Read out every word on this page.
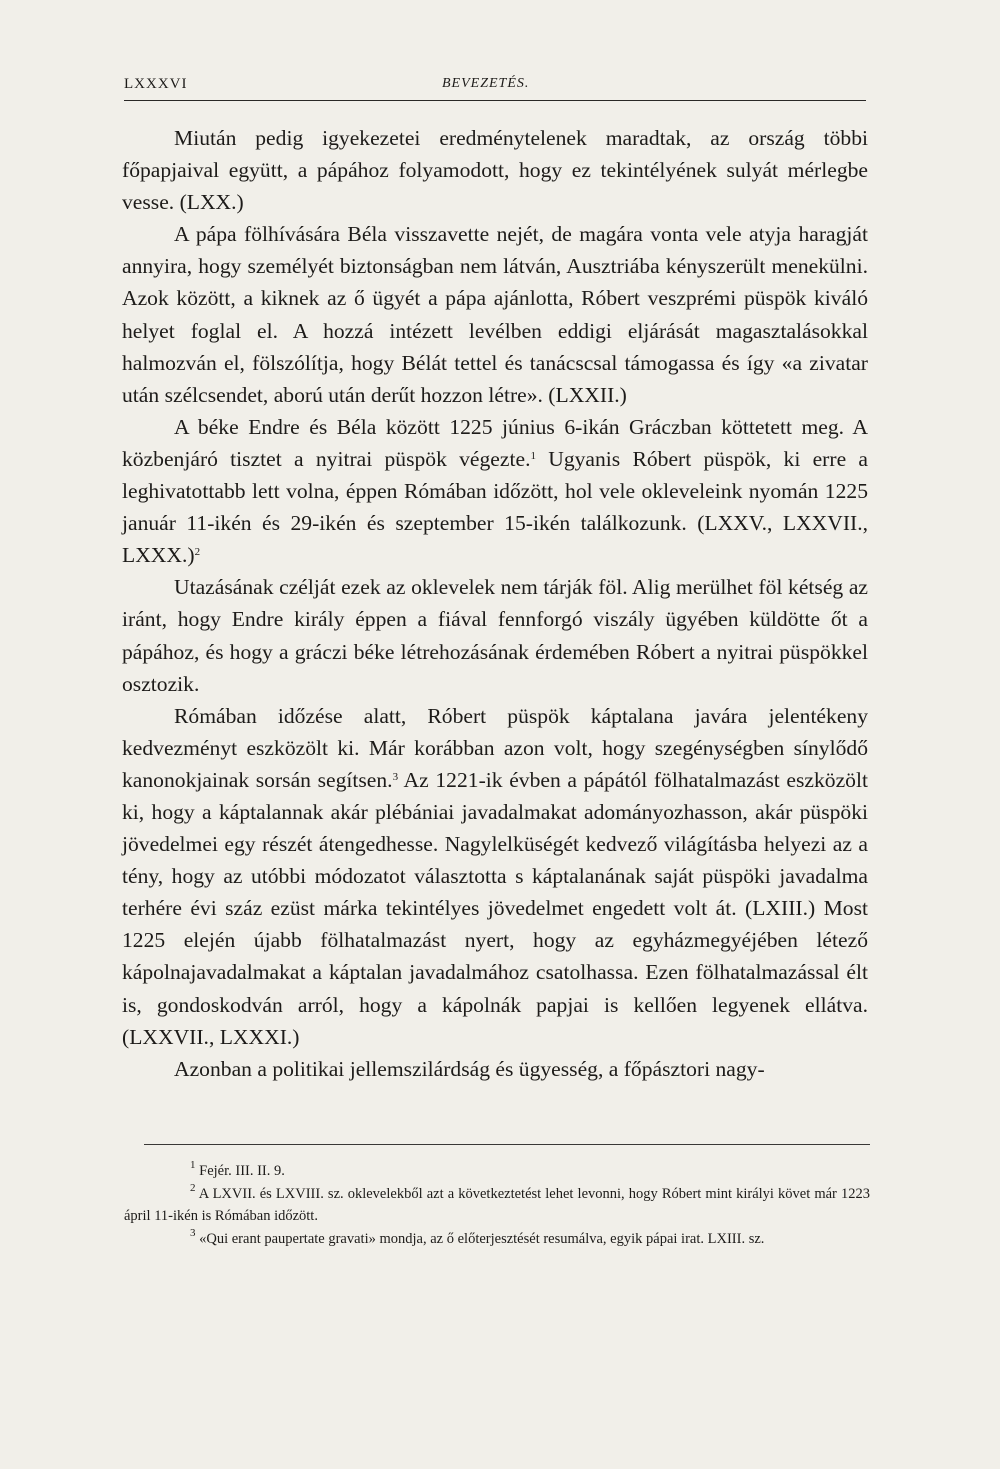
LXXXVI	BEVEZETÉS.

Miután pedig igyekezetei eredménytelenek maradtak, az ország többi főpapjaival együtt, a pápához folyamodott, hogy ez tekintélyének sulyát mérlegbe vesse. (LXX.)

A pápa fölhívására Béla visszavette nejét, de magára vonta vele atyja haragját annyira, hogy személyét biztonságban nem látván, Ausztriába kényszerült menekülni. Azok között, a kiknek az ő ügyét a pápa ajánlotta, Róbert veszprémi püspök kiváló helyet foglal el. A hozzá intézett levélben eddigi eljárását magasztalásokkal halmozván el, fölszólítja, hogy Bélát tettel és tanácscsal támogassa és így «a zivatar után szélcsendet, aború után derűt hozzon létre». (LXXII.)

A béke Endre és Béla között 1225 június 6-ikán Gráczban köttetett meg. A közbenjáró tisztet a nyitrai püspök végezte.$^1$ Ugyanis Róbert püspök, ki erre a leghivatottabb lett volna, éppen Rómában időzött, hol vele okleveleink nyomán 1225 január 11-ikén és 29-ikén és szeptember 15-ikén találkozunk. (LXXV., LXXVII., LXXX.)$^2$

Utazásának czélját ezek az oklevelek nem tárják föl. Alig merülhet föl kétség az iránt, hogy Endre király éppen a fiával fennforgó viszály ügyében küldötte őt a pápához, és hogy a gráczi béke létrehozásának érdemében Róbert a nyitrai püspökkel osztozik.

Rómában időzése alatt, Róbert püspök káptalana javára jelentékeny kedvezményt eszközölt ki. Már korábban azon volt, hogy szegénységben sínylődő kanonokjainak sorsán segítsen.$^3$ Az 1221-ik évben a pápától fölhatalmazást eszközölt ki, hogy a káptalannak akár plébániai javadalmakat adományozhasson, akár püspöki jövedelmei egy részét átengedhesse. Nagylelküségét kedvező világításba helyezi az a tény, hogy az utóbbi módozatot választotta s káptalanának saját püspöki javadalma terhére évi száz ezüst márka tekintélyes jövedelmet engedett volt át. (LXIII.) Most 1225 elején újabb fölhatalmazást nyert, hogy az egyházmegyéjében létező kápolnajavadalmakat a káptalan javadalmához csatolhassa. Ezen fölhatalmazással élt is, gondoskodván arról, hogy a kápolnák papjai is kellően legyenek ellátva. (LXXVII., LXXXI.)

Azonban a politikai jellemszilárdság és ügyesség, a főpásztori nagy-

$^1$ Fejér. III. II. 9.

$^2$ A LXVII. és LXVIII. sz. oklevelekből azt a következtetést lehet levonni, hogy Róbert mint királyi követ már 1223 ápril 11-ikén is Rómában időzött.

$^3$ «Qui erant paupertate gravati» mondja, az ő előterjesztését resumálva, egyik pápai irat. LXIII. sz.
